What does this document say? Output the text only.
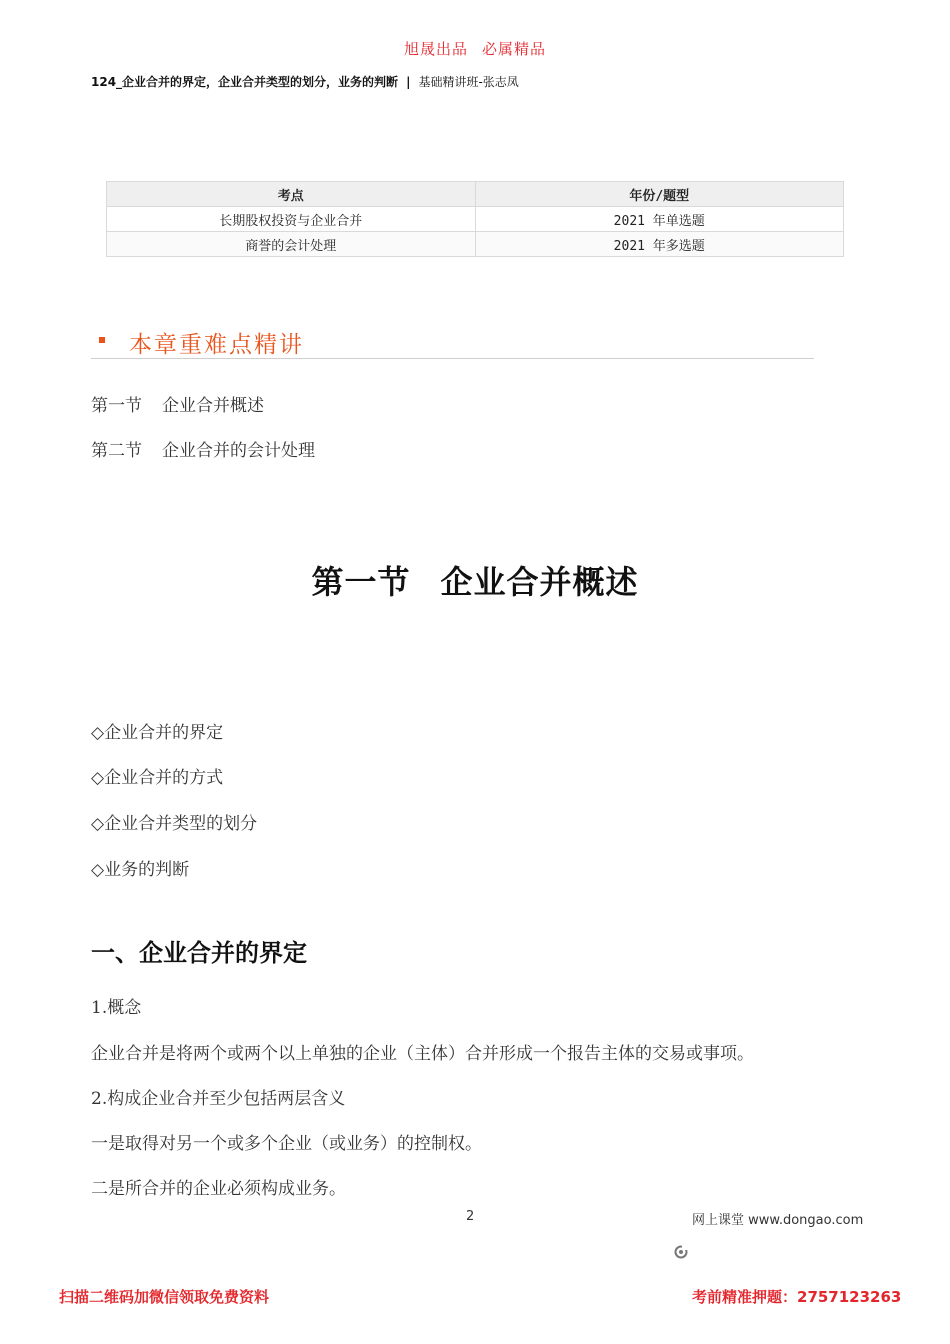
旭晟出品 必属精品
124_企业合并的界定，企业合并类型的划分，业务的判断 | 基础精讲班-张志凤
考点	年份/题型
长期股权投资与企业合并	2021 年单选题
商誉的会计处理	2021 年多选题
本章重难点精讲
第一节 企业合并概述
第二节 企业合并的会计处理
第一节 企业合并概述
◇企业合并的界定
◇企业合并的方式
◇企业合并类型的划分
◇业务的判断
一、企业合并的界定
1.概念
企业合并是将两个或两个以上单独的企业（主体）合并形成一个报告主体的交易或事项。
2.构成企业合并至少包括两层含义
一是取得对另一个或多个企业（或业务）的控制权。
二是所合并的企业必须构成业务。
2	网上课堂 www.dongao.com
扫描二维码加微信领取免费资料	考前精准押题：2757123263
